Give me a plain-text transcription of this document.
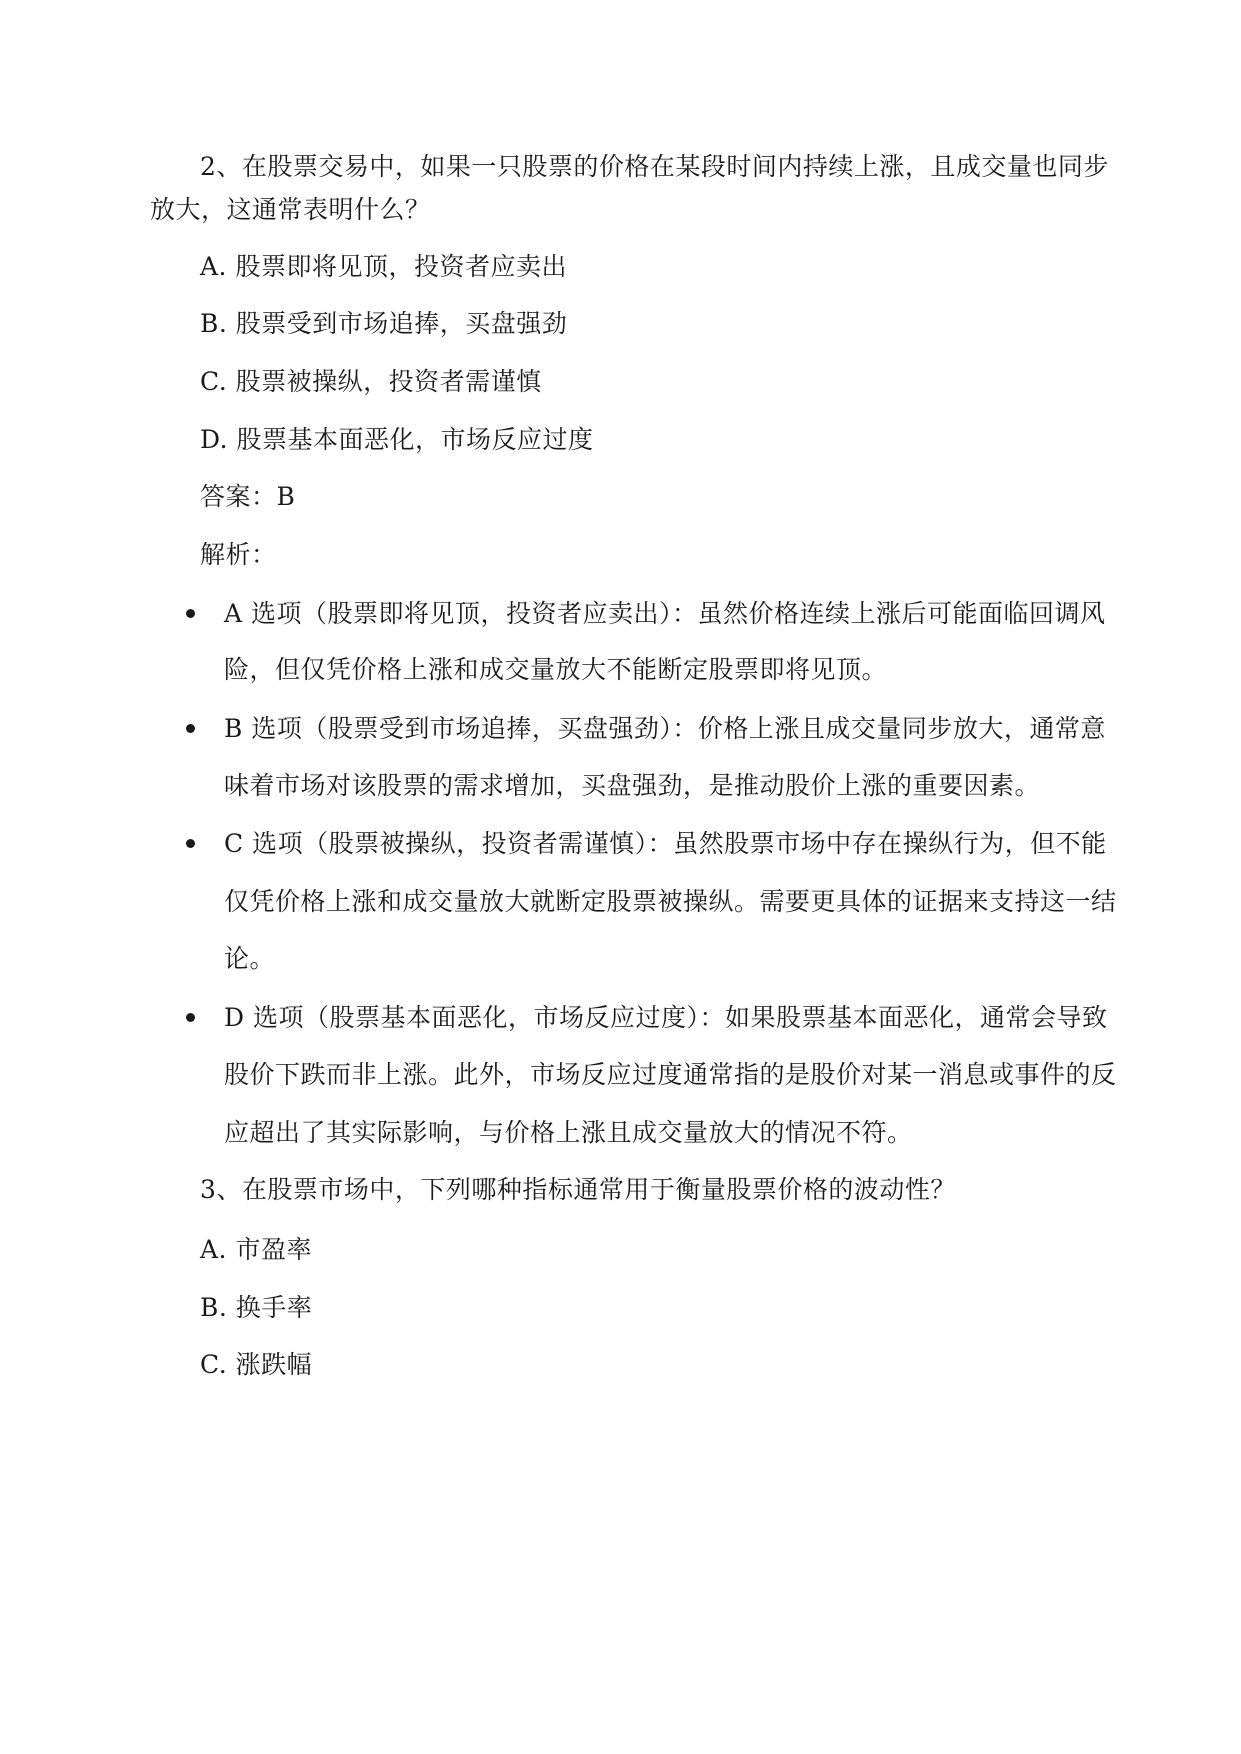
2、在股票交易中，如果一只股票的价格在某段时间内持续上涨，且成交量也同步
放大，这通常表明什么？
A. 股票即将见顶，投资者应卖出
B. 股票受到市场追捧，买盘强劲
C. 股票被操纵，投资者需谨慎
D. 股票基本面恶化，市场反应过度
答案：B
解析：
A 选项（股票即将见顶，投资者应卖出）：虽然价格连续上涨后可能面临回调风
险，但仅凭价格上涨和成交量放大不能断定股票即将见顶。
B 选项（股票受到市场追捧，买盘强劲）：价格上涨且成交量同步放大，通常意
味着市场对该股票的需求增加，买盘强劲，是推动股价上涨的重要因素。
C 选项（股票被操纵，投资者需谨慎）：虽然股票市场中存在操纵行为，但不能
仅凭价格上涨和成交量放大就断定股票被操纵。需要更具体的证据来支持这一结
论。
D 选项（股票基本面恶化，市场反应过度）：如果股票基本面恶化，通常会导致
股价下跌而非上涨。此外，市场反应过度通常指的是股价对某一消息或事件的反
应超出了其实际影响，与价格上涨且成交量放大的情况不符。
3、在股票市场中，下列哪种指标通常用于衡量股票价格的波动性？
A. 市盈率
B. 换手率
C. 涨跌幅
